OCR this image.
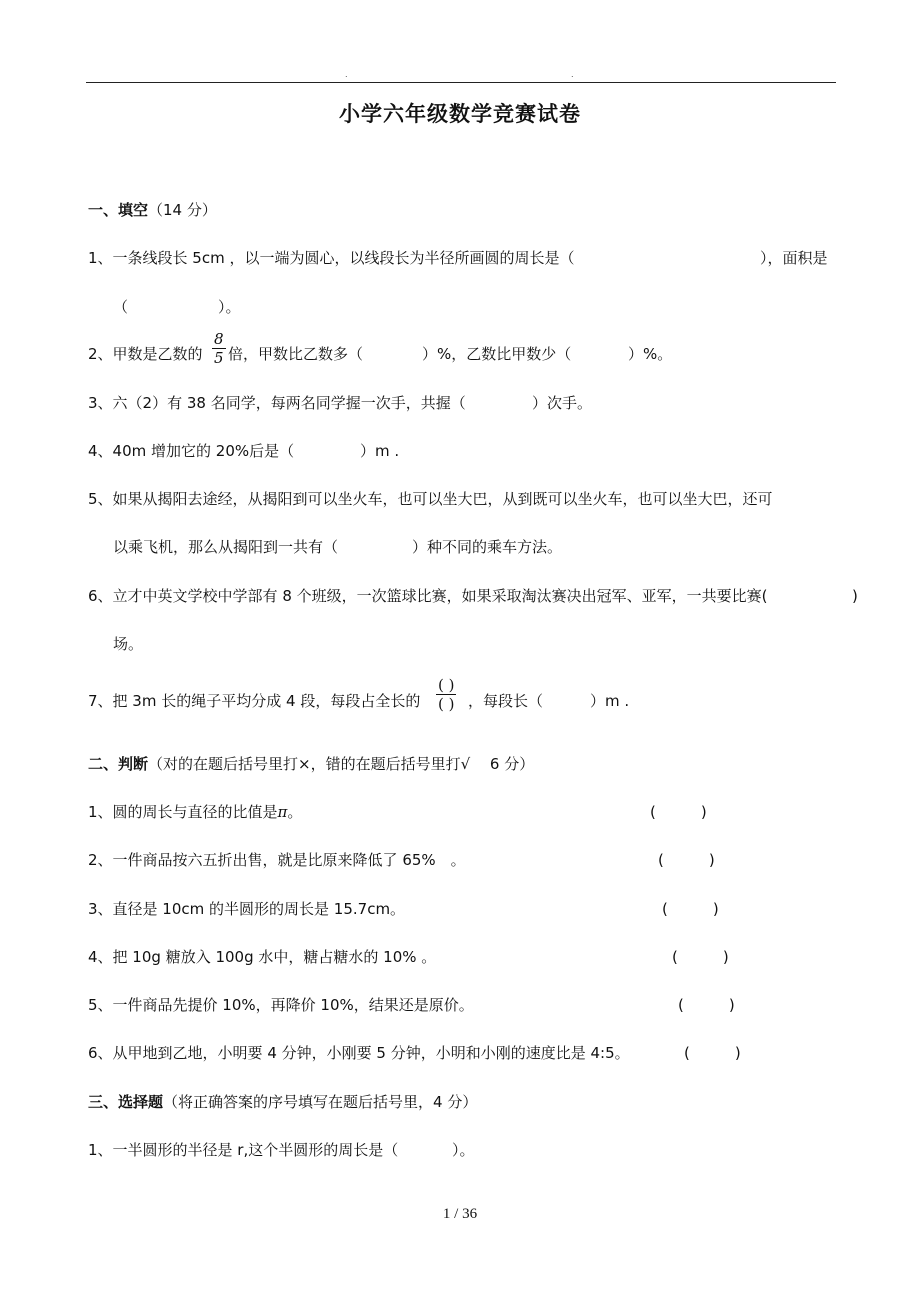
.	.
小学六年级数学竞赛试卷
一、填空（14 分）
1、一条线段长 5cm ，以一端为圆心，以线段长为半径所画圆的周长是（	），面积是
（	）。
2、甲数是乙数的 $\frac{8}{5}$ 倍，甲数比乙数多（	）%，乙数比甲数少（	）%。
3、六（2）有 38 名同学，每两名同学握一次手，共握（	）次手。
4、40m 增加它的 20%后是（	）m .
5、如果从揭阳去途经，从揭阳到可以坐火车，也可以坐大巴，从到既可以坐火车，也可以坐大巴，还可
以乘飞机，那么从揭阳到一共有（	）种不同的乘车方法。
6、立才中英文学校中学部有 8 个班级，一次篮球比赛，如果采取淘汰赛决出冠军、亚军，一共要比赛(	)
场。
7、把 3m 长的绳子平均分成 4 段，每段占全长的
( )
( ) ，每段长（	）m .
二、判断（对的在题后括号里打×，错的在题后括号里打√　 6 分）
1、圆的周长与直径的比值是π。	(　　　)
2、一件商品按六五折出售，就是比原来降低了 65%　。	(　　　)
3、直径是 10cm 的半圆形的周长是 15.7cm。	(　　　)
4、把 10g 糖放入 100g 水中，糖占糖水的 10% 。	(　　　)
5、一件商品先提价 10%，再降价 10%，结果还是原价。	(　　　)
6、从甲地到乙地，小明要 4 分钟，小刚要 5 分钟，小明和小刚的速度比是 4:5。	(　　　)
三、选择题（将正确答案的序号填写在题后括号里，4 分）
1、一半圆形的半径是 r,这个半圆形的周长是（	）。
1 / 36
